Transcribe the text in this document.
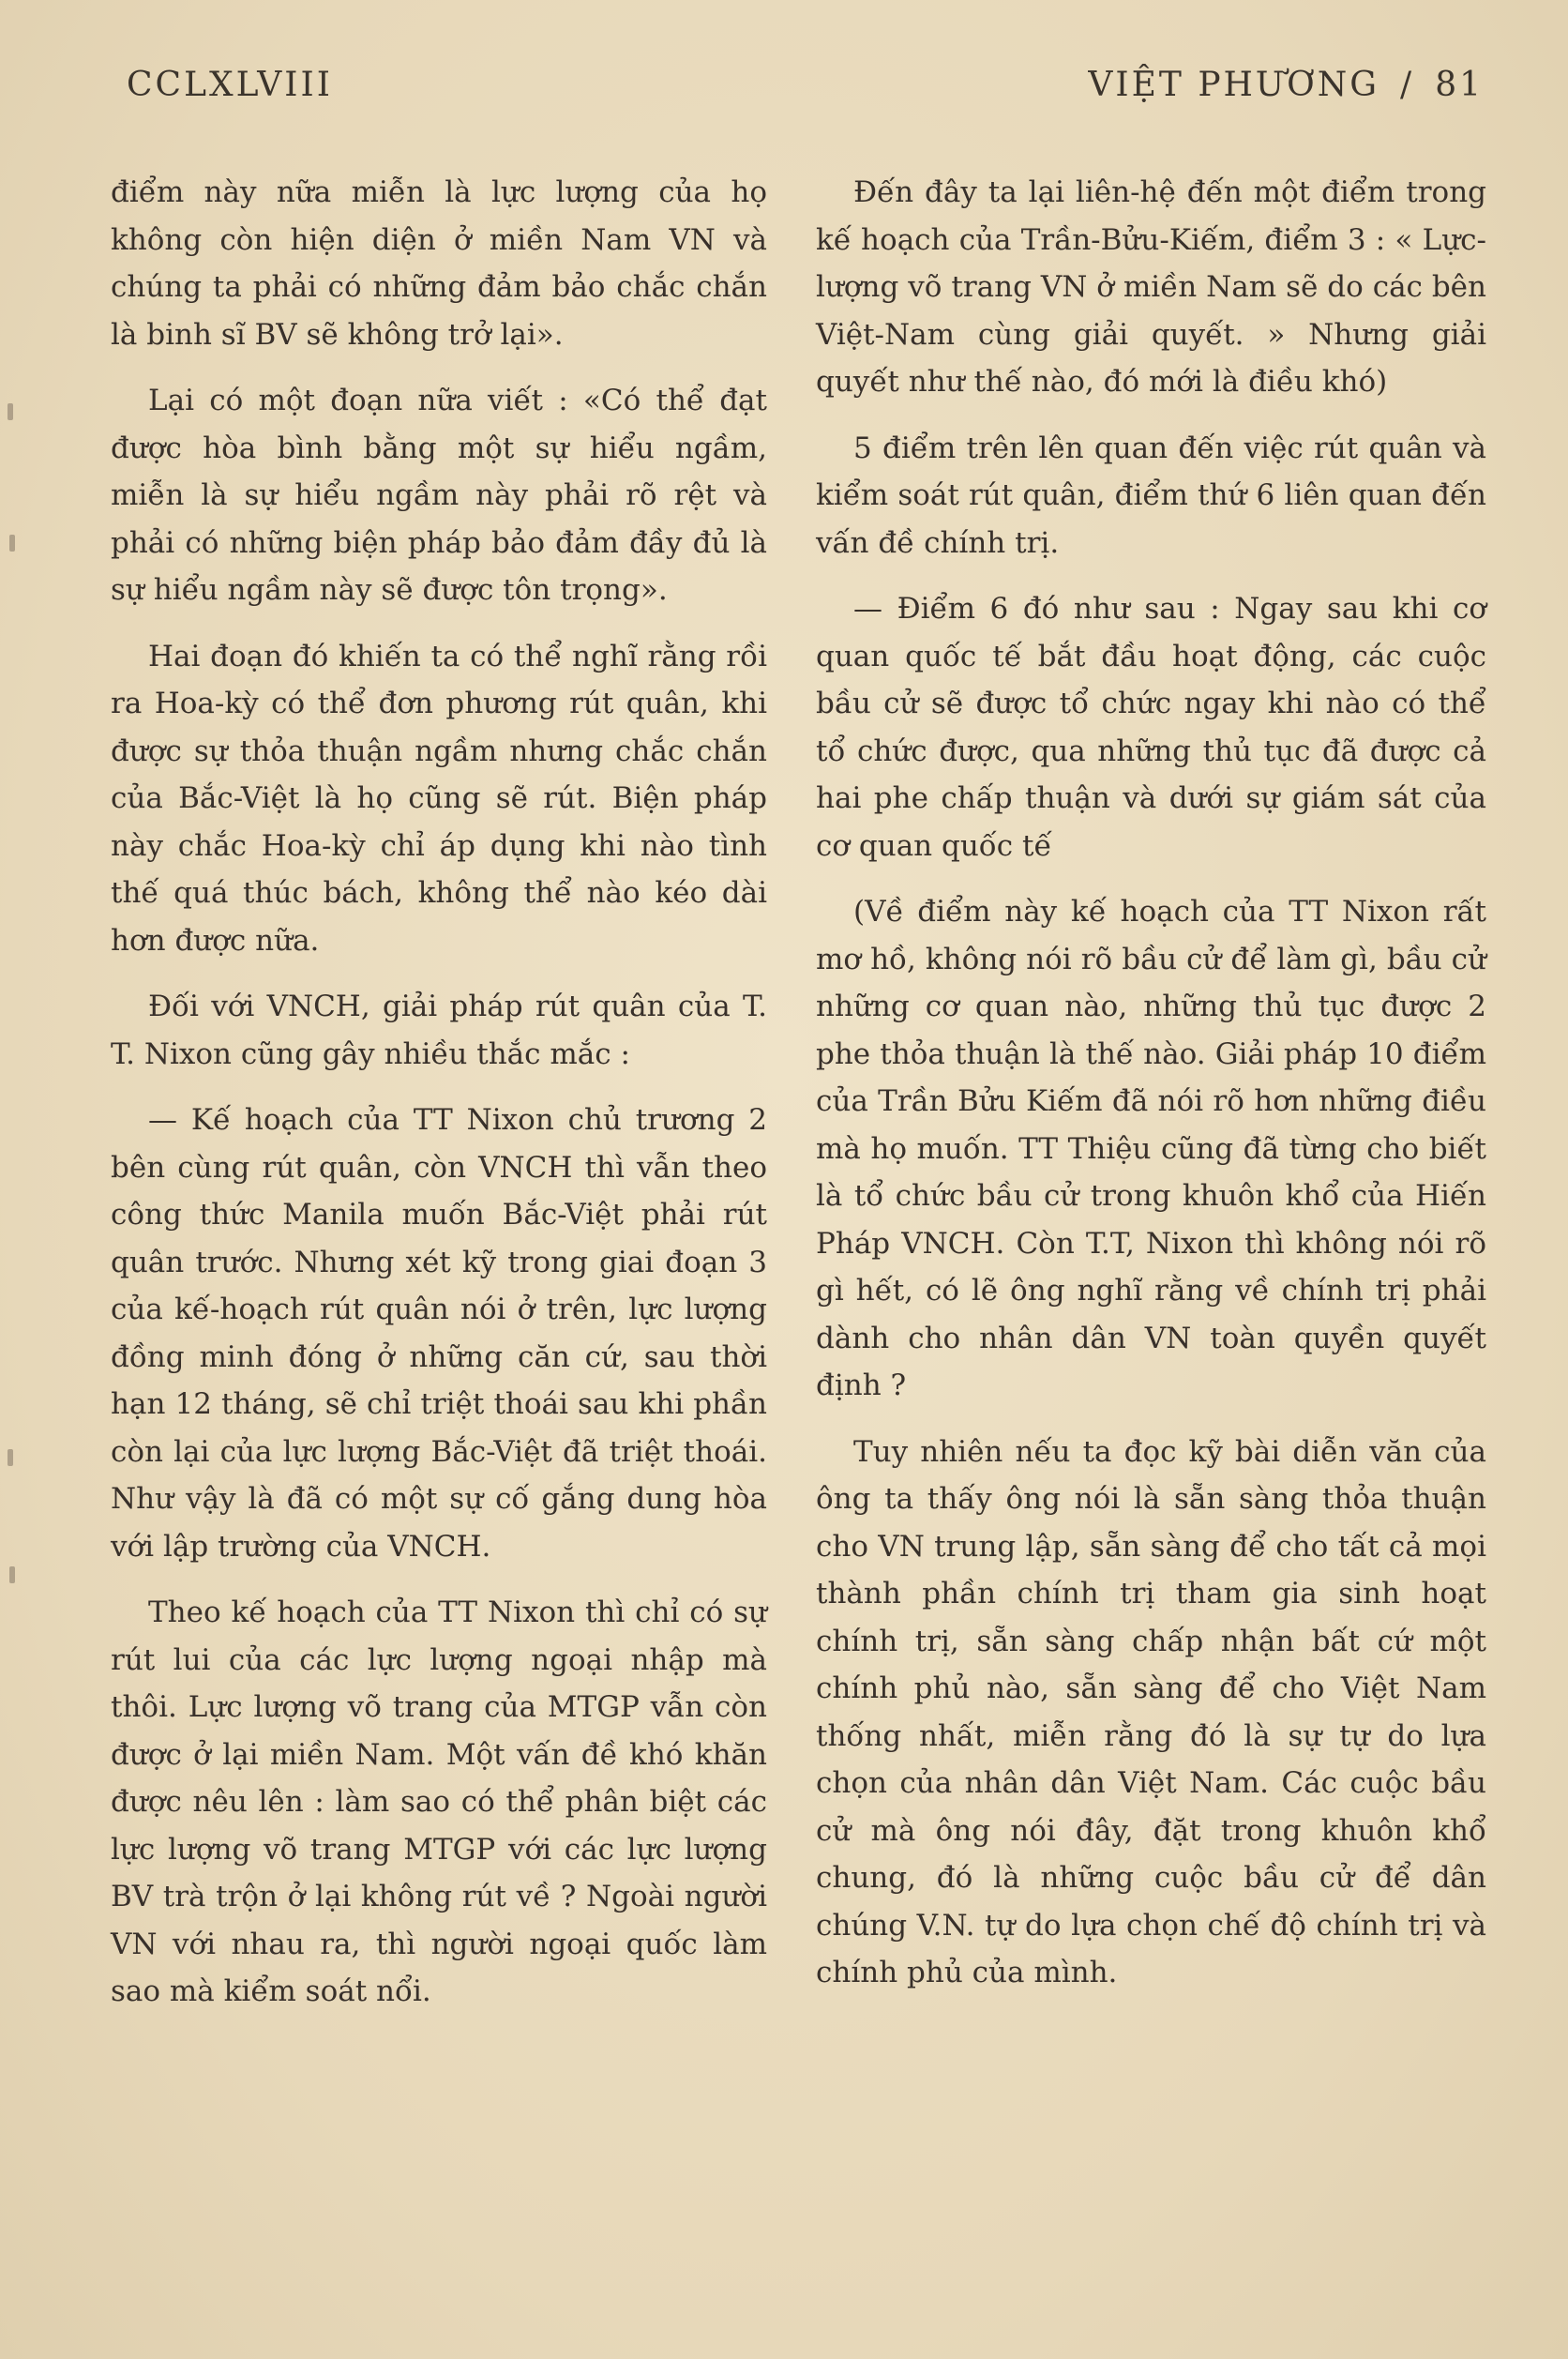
CCLXLVIII	VIỆT PHƯƠNG / 81

điểm này nữa miễn là lực lượng của họ không còn hiện diện ở miền Nam VN và chúng ta phải có những đảm bảo chắc chắn là binh sĩ BV sẽ không trở lại».

Lại có một đoạn nữa viết : «Có thể đạt được hòa bình bằng một sự hiểu ngầm, miễn là sự hiểu ngầm này phải rõ rệt và phải có những biện pháp bảo đảm đầy đủ là sự hiểu ngầm này sẽ được tôn trọng».

Hai đoạn đó khiến ta có thể nghĩ rằng rồi ra Hoa-kỳ có thể đơn phương rút quân, khi được sự thỏa thuận ngầm nhưng chắc chắn của Bắc-Việt là họ cũng sẽ rút. Biện pháp này chắc Hoa-kỳ chỉ áp dụng khi nào tình thế quá thúc bách, không thể nào kéo dài hơn được nữa.

Đối với VNCH, giải pháp rút quân của T. T. Nixon cũng gây nhiều thắc mắc :

— Kế hoạch của TT Nixon chủ trương 2 bên cùng rút quân, còn VNCH thì vẫn theo công thức Manila muốn Bắc-Việt phải rút quân trước. Nhưng xét kỹ trong giai đoạn 3 của kế-hoạch rút quân nói ở trên, lực lượng đồng minh đóng ở những căn cứ, sau thời hạn 12 tháng, sẽ chỉ triệt thoái sau khi phần còn lại của lực lượng Bắc-Việt đã triệt thoái. Như vậy là đã có một sự cố gắng dung hòa với lập trường của VNCH.

Theo kế hoạch của TT Nixon thì chỉ có sự rút lui của các lực lượng ngoại nhập mà thôi. Lực lượng võ trang của MTGP vẫn còn được ở lại miền Nam. Một vấn đề khó khăn được nêu lên : làm sao có thể phân biệt các lực lượng võ trang MTGP với các lực lượng BV trà trộn ở lại không rút về ? Ngoài người VN với nhau ra, thì người ngoại quốc làm sao mà kiểm soát nổi.

Đến đây ta lại liên-hệ đến một điểm trong kế hoạch của Trần-Bửu-Kiếm, điểm 3 : « Lực-lượng võ trang VN ở miền Nam sẽ do các bên Việt-Nam cùng giải quyết. » Nhưng giải quyết như thế nào, đó mới là điều khó)

5 điểm trên lên quan đến việc rút quân và kiểm soát rút quân, điểm thứ 6 liên quan đến vấn đề chính trị.

— Điểm 6 đó như sau : Ngay sau khi cơ quan quốc tế bắt đầu hoạt động, các cuộc bầu cử sẽ được tổ chức ngay khi nào có thể tổ chức được, qua những thủ tục đã được cả hai phe chấp thuận và dưới sự giám sát của cơ quan quốc tế

(Về điểm này kế hoạch của TT Nixon rất mơ hồ, không nói rõ bầu cử để làm gì, bầu cử những cơ quan nào, những thủ tục được 2 phe thỏa thuận là thế nào. Giải pháp 10 điểm của Trần Bửu Kiếm đã nói rõ hơn những điều mà họ muốn. TT Thiệu cũng đã từng cho biết là tổ chức bầu cử trong khuôn khổ của Hiến Pháp VNCH. Còn T.T, Nixon thì không nói rõ gì hết, có lẽ ông nghĩ rằng về chính trị phải dành cho nhân dân VN toàn quyền quyết định ?

Tuy nhiên nếu ta đọc kỹ bài diễn văn của ông ta thấy ông nói là sẵn sàng thỏa thuận cho VN trung lập, sẵn sàng để cho tất cả mọi thành phần chính trị tham gia sinh hoạt chính trị, sẵn sàng chấp nhận bất cứ một chính phủ nào, sẵn sàng để cho Việt Nam thống nhất, miễn rằng đó là sự tự do lựa chọn của nhân dân Việt Nam. Các cuộc bầu cử mà ông nói đây, đặt trong khuôn khổ chung, đó là những cuộc bầu cử để dân chúng V.N. tự do lựa chọn chế độ chính trị và chính phủ của mình.
